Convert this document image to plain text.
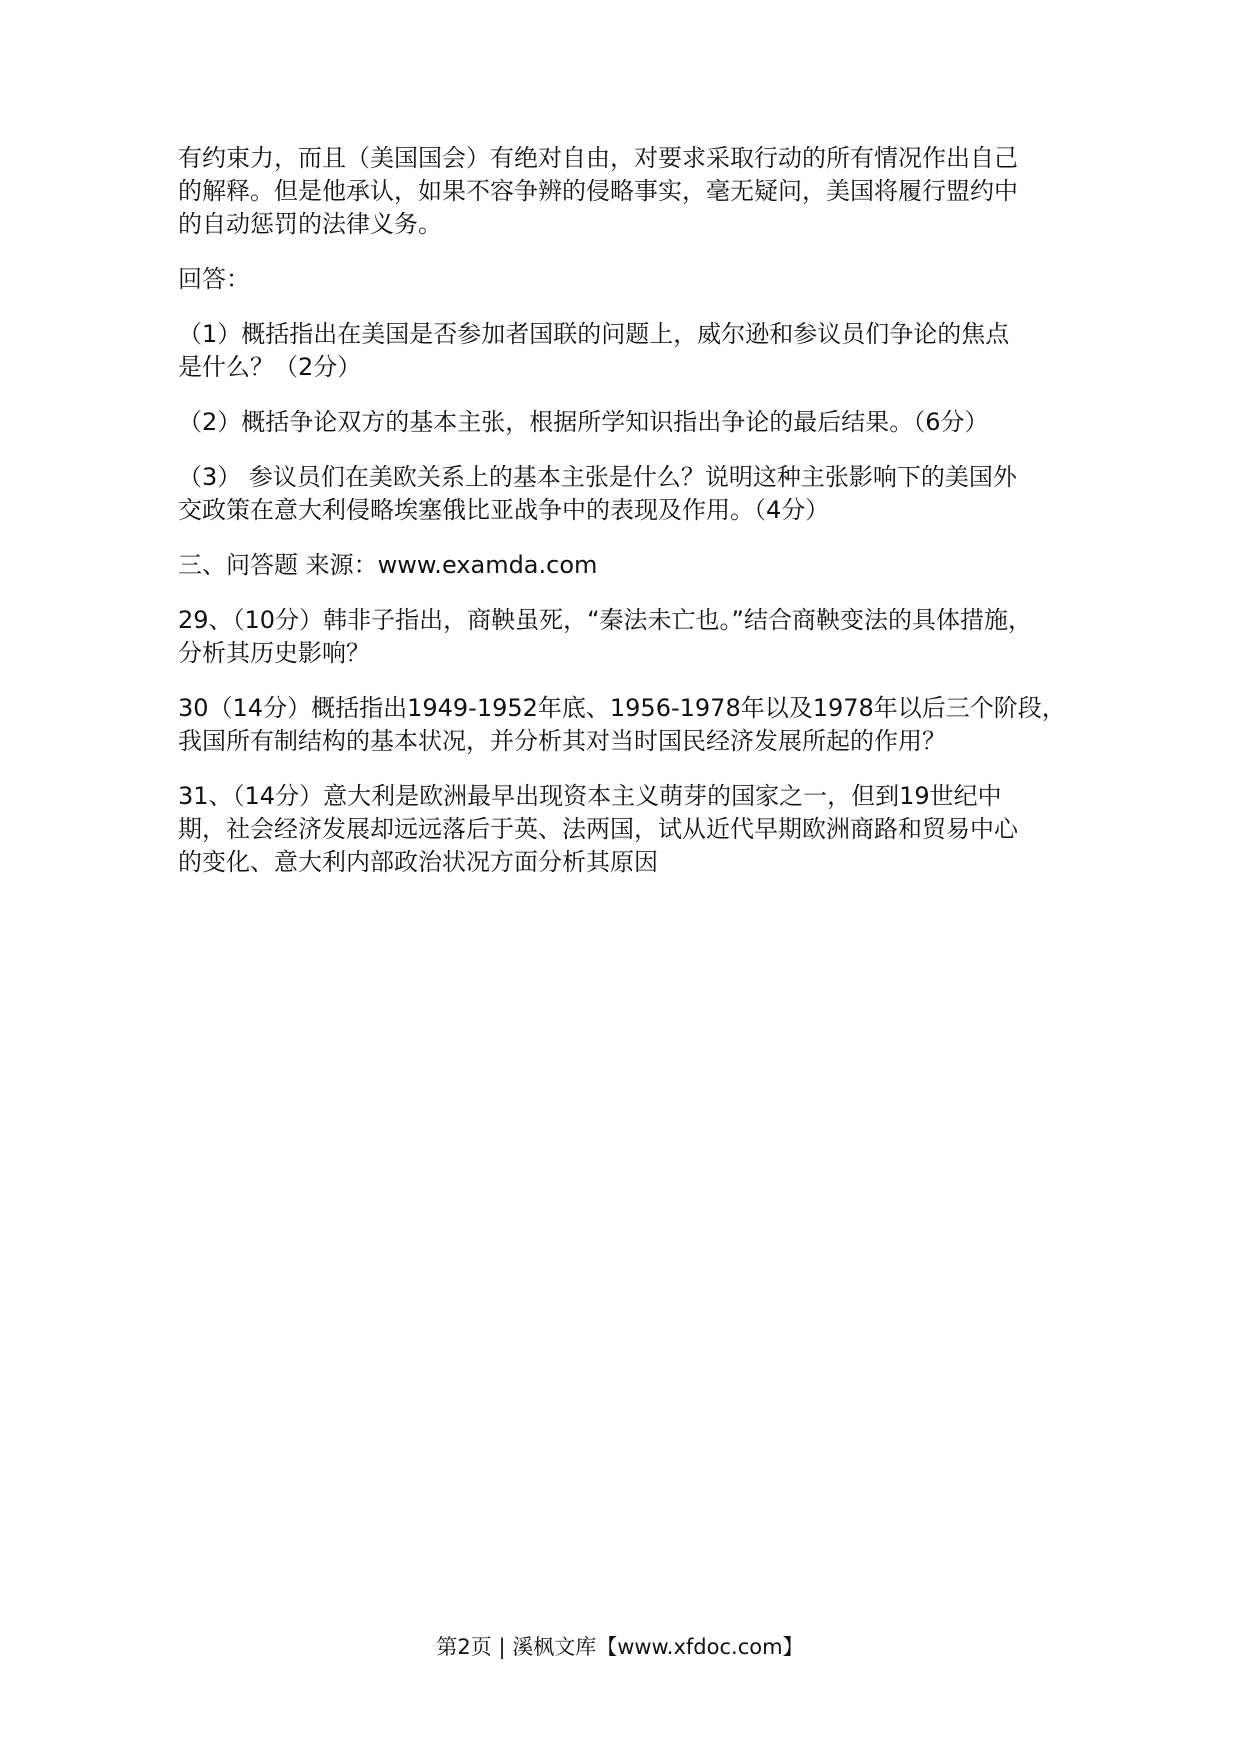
有约束力，而且（美国国会）有绝对自由，对要求采取行动的所有情况作出自己
的解释。但是他承认，如果不容争辨的侵略事实，毫无疑问，美国将履行盟约中
的自动惩罚的法律义务。

回答：

（1）概括指出在美国是否参加者国联的问题上，威尔逊和参议员们争论的焦点
是什么？（2分）

（2）概括争论双方的基本主张，根据所学知识指出争论的最后结果。（6分）

（3） 参议员们在美欧关系上的基本主张是什么？说明这种主张影响下的美国外
交政策在意大利侵略埃塞俄比亚战争中的表现及作用。（4分）

三、问答题 来源：www.examda.com

29、（10分）韩非子指出，商鞅虽死，“秦法未亡也。”结合商鞅变法的具体措施，
分析其历史影响？

30（14分）概括指出1949-1952年底、1956-1978年以及1978年以后三个阶段，
我国所有制结构的基本状况，并分析其对当时国民经济发展所起的作用？

31、（14分）意大利是欧洲最早出现资本主义萌芽的国家之一，但到19世纪中
期，社会经济发展却远远落后于英、法两国，试从近代早期欧洲商路和贸易中心
的变化、意大利内部政治状况方面分析其原因

第2页 | 溪枫文库【www.xfdoc.com】
